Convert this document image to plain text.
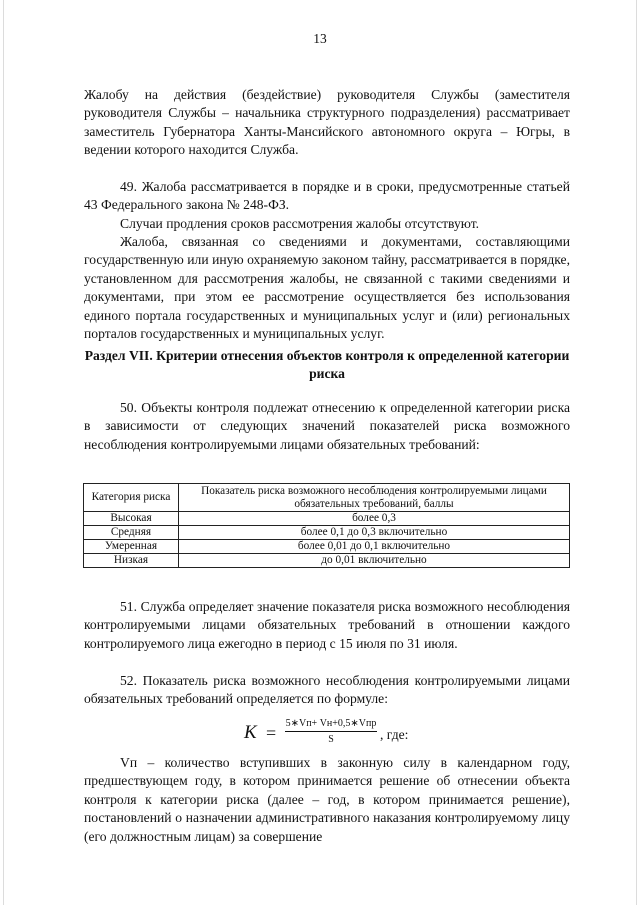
13

Жалобу на действия (бездействие) руководителя Службы (заместителя руководителя Службы – начальника структурного подразделения) рассматривает заместитель Губернатора Ханты-Мансийского автономного округа – Югры, в ведении которого находится Служба.

49. Жалоба рассматривается в порядке и в сроки, предусмотренные статьей 43 Федерального закона № 248-ФЗ.

Случаи продления сроков рассмотрения жалобы отсутствуют.

Жалоба, связанная со сведениями и документами, составляющими государственную или иную охраняемую законом тайну, рассматривается в порядке, установленном для рассмотрения жалобы, не связанной с такими сведениями и документами, при этом ее рассмотрение осуществляется без использования единого портала государственных и муниципальных услуг и (или) региональных порталов государственных и муниципальных услуг.

Раздел VII. Критерии отнесения объектов контроля к определенной категории риска

50. Объекты контроля подлежат отнесению к определенной категории риска в зависимости от следующих значений показателей риска возможного несоблюдения контролируемыми лицами обязательных требований:

Категория риска	Показатель риска возможного несоблюдения контролируемыми лицами обязательных требований, баллы
Высокая	более 0,3
Средняя	более 0,1 до 0,3 включительно
Умеренная	более 0,01 до 0,1 включительно
Низкая	до 0,01 включительно

51. Служба определяет значение показателя риска возможного несоблюдения контролируемыми лицами обязательных требований в отношении каждого контролируемого лица ежегодно в период с 15 июля по 31 июля.

52. Показатель риска возможного несоблюдения контролируемыми лицами обязательных требований определяется по формуле:

K = 5∗Vп+ Vн+0,5∗Vпр
S	, где:

Vп – количество вступивших в законную силу в календарном году, предшествующем году, в котором принимается решение об отнесении объекта контроля к категории риска (далее – год, в котором принимается решение), постановлений о назначении административного наказания контролируемому лицу (его должностным лицам) за совершение
